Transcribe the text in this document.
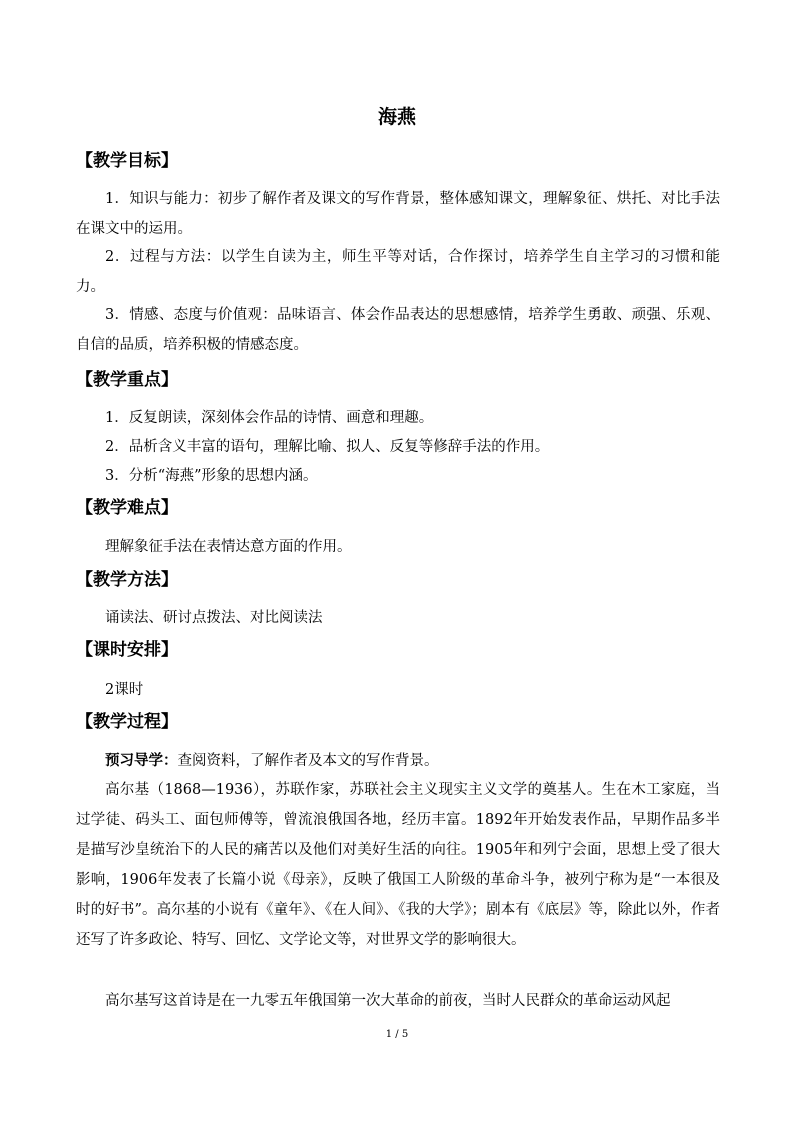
海燕
【教学目标】
1．知识与能力：初步了解作者及课文的写作背景，整体感知课文，理解象征、烘托、对比手法在课文中的运用。
2．过程与方法：以学生自读为主，师生平等对话，合作探讨，培养学生自主学习的习惯和能力。
3．情感、态度与价值观：品味语言、体会作品表达的思想感情，培养学生勇敢、顽强、乐观、自信的品质，培养积极的情感态度。
【教学重点】
1．反复朗读，深刻体会作品的诗情、画意和理趣。
2．品析含义丰富的语句，理解比喻、拟人、反复等修辞手法的作用。
3．分析“海燕”形象的思想内涵。
【教学难点】
理解象征手法在表情达意方面的作用。
【教学方法】
诵读法、研讨点拨法、对比阅读法
【课时安排】
2课时
【教学过程】
预习导学：查阅资料，了解作者及本文的写作背景。
高尔基（1868—1936），苏联作家，苏联社会主义现实主义文学的奠基人。生在木工家庭，当过学徒、码头工、面包师傅等，曾流浪俄国各地，经历丰富。1892年开始发表作品，早期作品多半是描写沙皇统治下的人民的痛苦以及他们对美好生活的向往。1905年和列宁会面，思想上受了很大影响，1906年发表了长篇小说《母亲》，反映了俄国工人阶级的革命斗争，被列宁称为是“一本很及时的好书”。高尔基的小说有《童年》、《在人间》、《我的大学》；剧本有《底层》等，除此以外，作者还写了许多政论、特写、回忆、文学论文等，对世界文学的影响很大。
高尔基写这首诗是在一九零五年俄国第一次大革命的前夜，当时人民群众的革命运动风起
1 / 5
